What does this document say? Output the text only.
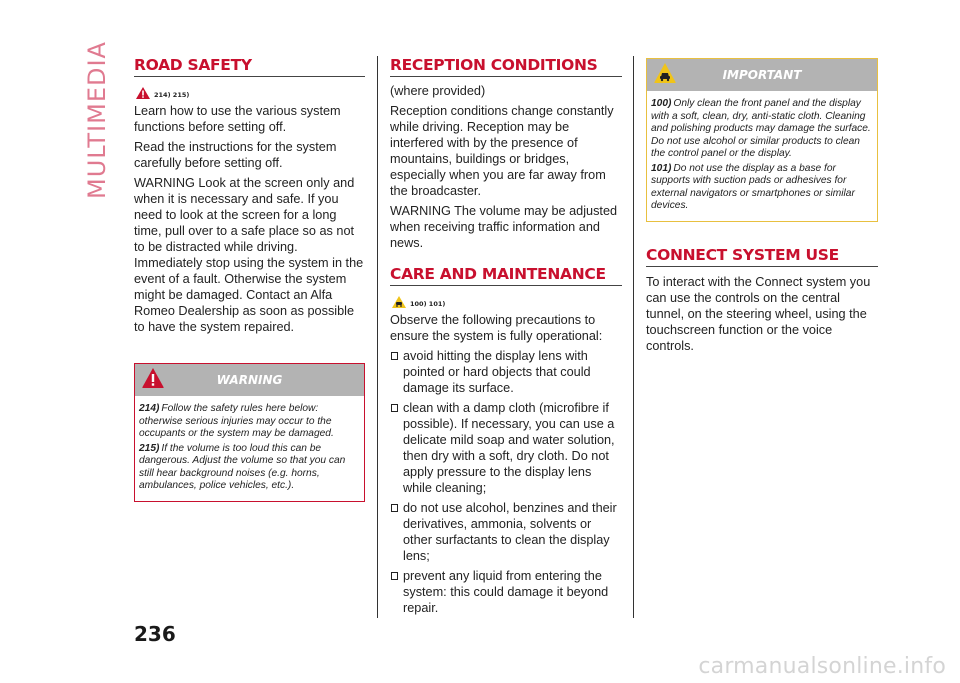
MULTIMEDIA ROAD SAFETY
214) 215)

Learn how to use the various system functions before setting off.

Read the instructions for the system carefully before setting off.

WARNING Look at the screen only and when it is necessary and safe. If you need to look at the screen for a long time, pull over to a safe place so as not to be distracted while driving. Immediately stop using the system in the event of a fault. Otherwise the system might be damaged. Contact an Alfa Romeo Dealership as soon as possible to have the system repaired.

WARNING

214) Follow the safety rules here below: otherwise serious injuries may occur to the occupants or the system may be damaged.

215) If the volume is too loud this can be dangerous. Adjust the volume so that you can still hear background noises (e.g. horns, ambulances, police vehicles, etc.).

RECEPTION CONDITIONS

(where provided)

Reception conditions change constantly while driving. Reception may be interfered with by the presence of mountains, buildings or bridges, especially when you are far away from the broadcaster.

WARNING The volume may be adjusted when receiving traffic information and news.

CARE AND MAINTENANCE
100) 101)

Observe the following precautions to ensure the system is fully operational:

avoid hitting the display lens with pointed or hard objects that could damage its surface.

clean with a damp cloth (microfibre if possible). If necessary, you can use a delicate mild soap and water solution, then dry with a soft, dry cloth. Do not apply pressure to the display lens while cleaning;

do not use alcohol, benzines and their derivatives, ammonia, solvents or other surfactants to clean the display lens;

prevent any liquid from entering the system: this could damage it beyond repair.

IMPORTANT

100) Only clean the front panel and the display with a soft, clean, dry, anti-static cloth. Cleaning and polishing products may damage the surface. Do not use alcohol or similar products to clean the control panel or the display.

101) Do not use the display as a base for supports with suction pads or adhesives for external navigators or smartphones or similar devices.

CONNECT SYSTEM USE

To interact with the Connect system you can use the controls on the central tunnel, on the steering wheel, using the touchscreen function or the voice controls.

236
carmanualsonline.info
